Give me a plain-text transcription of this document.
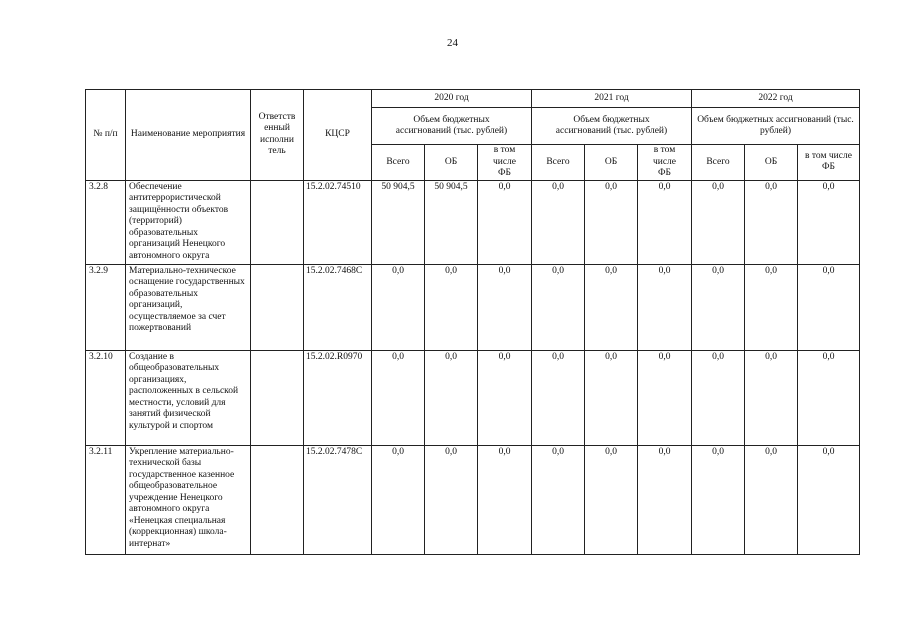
24
№ п/п	Наименование мероприятия	Ответств енный исполни тель	КЦСР	2020 год			2021 год			2022 год		
				Объем бюджетных ассигнований (тыс. рублей)			Объем бюджетных ассигнований (тыс. рублей)			Объем бюджетных ассигнований (тыс. рублей)		
				Всего	ОБ	в том числе ФБ	Всего	ОБ	в том числе ФБ	Всего	ОБ	в том числе ФБ
3.2.8	Обеспечение антитеррористической защищённости объектов (территорий) образовательных организаций Ненецкого автономного округа		15.2.02.74510	50 904,5	50 904,5	0,0	0,0	0,0	0,0	0,0	0,0	0,0
3.2.9	Материально-техническое оснащение государственных образовательных организаций, осуществляемое за счет пожертвований		15.2.02.7468С	0,0	0,0	0,0	0,0	0,0	0,0	0,0	0,0	0,0
3.2.10	Создание в общеобразовательных организациях, расположенных в сельской местности, условий для занятий физической культурой и спортом		15.2.02.R0970	0,0	0,0	0,0	0,0	0,0	0,0	0,0	0,0	0,0
3.2.11	Укрепление материально-технической базы государственное казенное общеобразовательное учреждение Ненецкого автономного округа «Ненецкая специальная (коррекционная) школа-интернат»		15.2.02.7478С	0,0	0,0	0,0	0,0	0,0	0,0	0,0	0,0	0,0
